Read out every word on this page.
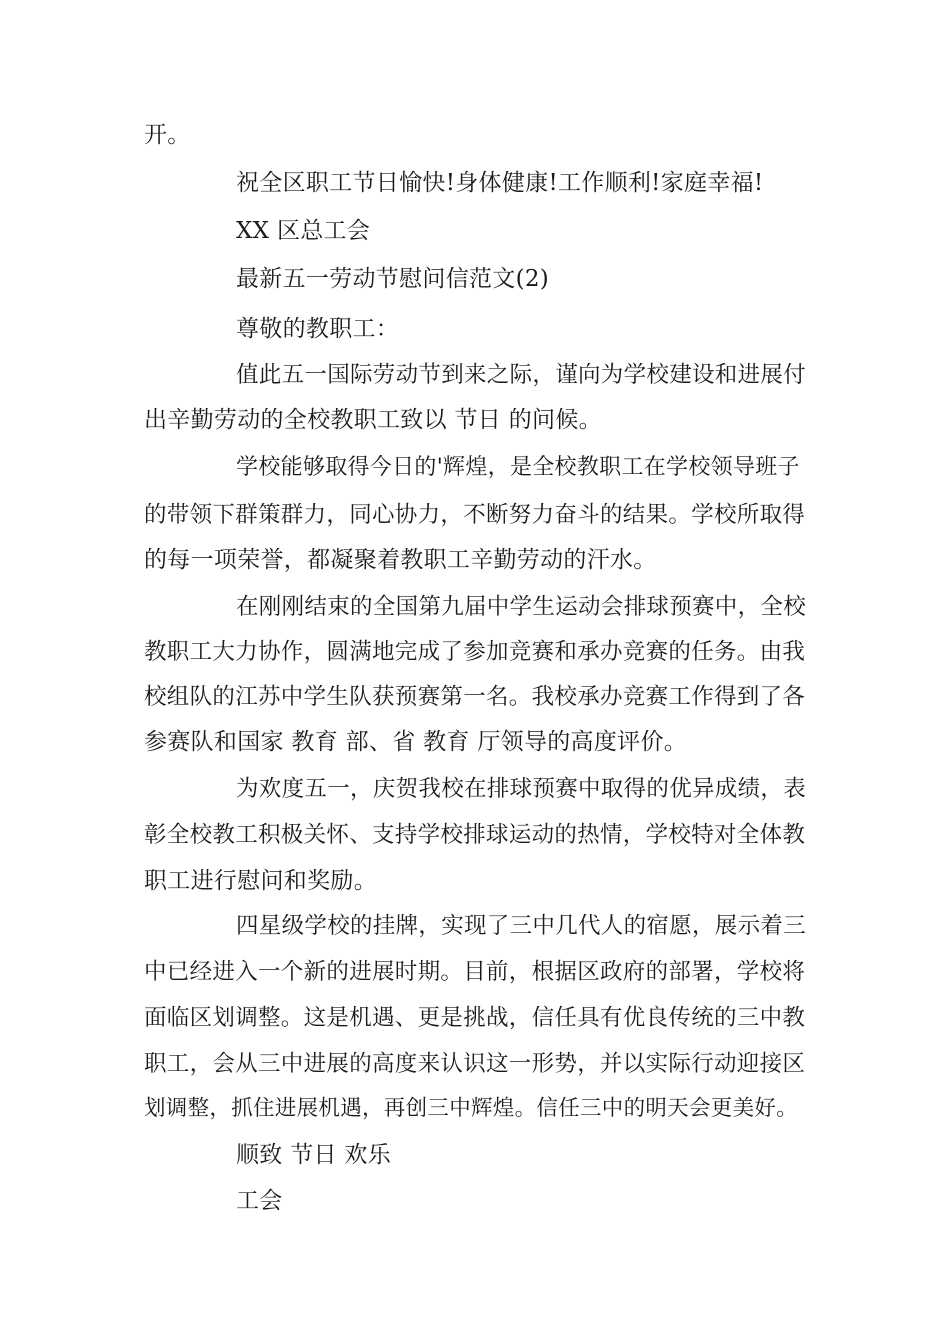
开。
祝全区职工节日愉快!身体健康!工作顺利!家庭幸福!
XX 区总工会
最新五一劳动节慰问信范文(2)
尊敬的教职工：
值此五一国际劳动节到来之际，谨向为学校建设和进展付
出辛勤劳动的全校教职工致以 节日 的问候。
学校能够取得今日的'辉煌，是全校教职工在学校领导班子
的带领下群策群力，同心协力，不断努力奋斗的结果。学校所取得
的每一项荣誉，都凝聚着教职工辛勤劳动的汗水。
在刚刚结束的全国第九届中学生运动会排球预赛中，全校
教职工大力协作，圆满地完成了参加竞赛和承办竞赛的任务。由我
校组队的江苏中学生队获预赛第一名。我校承办竞赛工作得到了各
参赛队和国家 教育 部、省 教育 厅领导的高度评价。
为欢度五一，庆贺我校在排球预赛中取得的优异成绩，表
彰全校教工积极关怀、支持学校排球运动的热情，学校特对全体教
职工进行慰问和奖励。
四星级学校的挂牌，实现了三中几代人的宿愿，展示着三
中已经进入一个新的进展时期。目前，根据区政府的部署，学校将
面临区划调整。这是机遇、更是挑战，信任具有优良传统的三中教
职工，会从三中进展的高度来认识这一形势，并以实际行动迎接区
划调整，抓住进展机遇，再创三中辉煌。信任三中的明天会更美好。
顺致 节日 欢乐
工会
